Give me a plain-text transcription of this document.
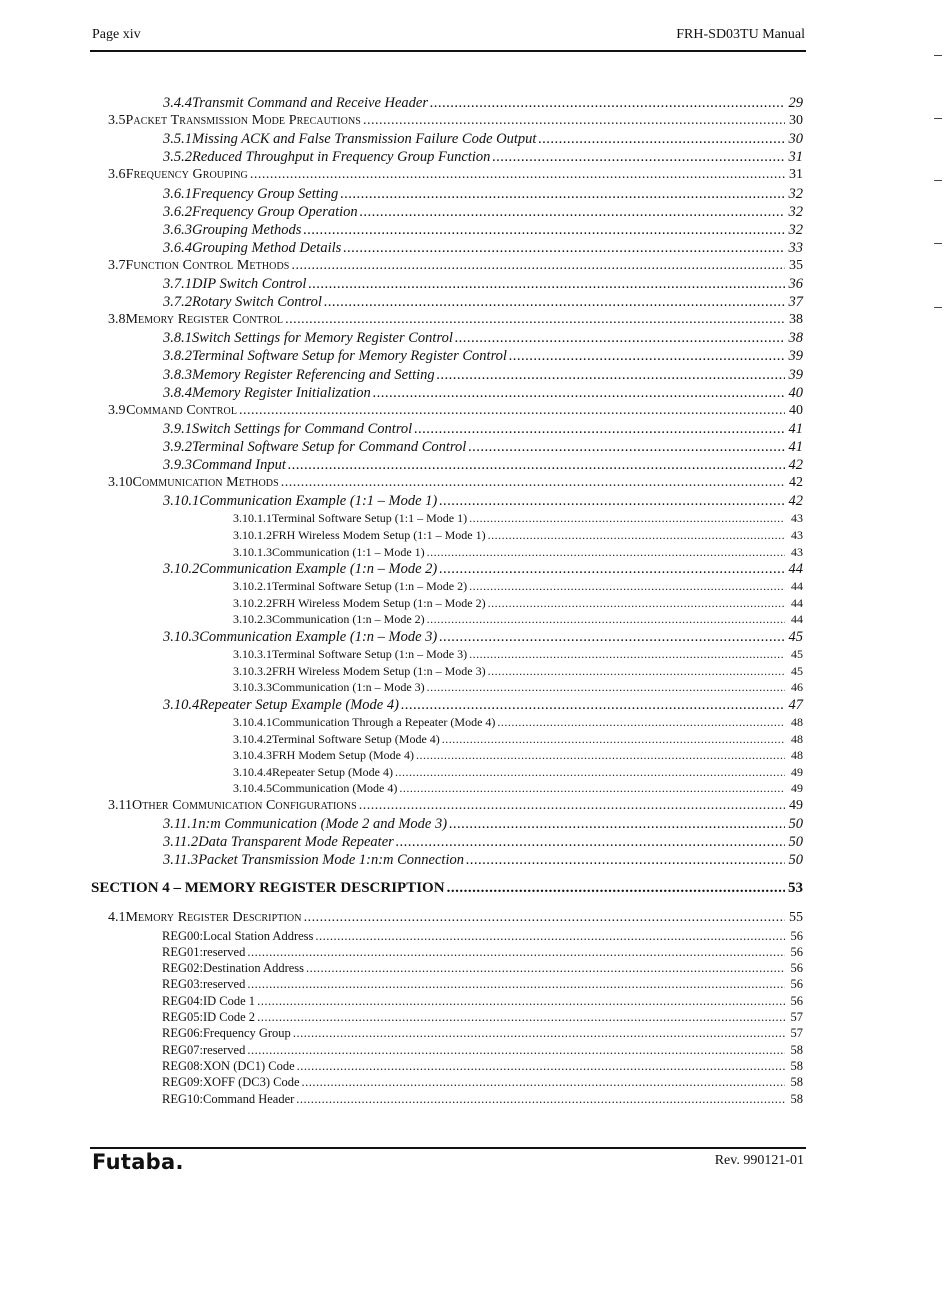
Page xiv	FRH-SD03TU Manual
3.4.4 Transmit Command and Receive Header .....	29
3.5 Packet Transmission Mode Precautions .....	30
3.5.1 Missing ACK and False Transmission Failure Code Output .....	30
3.5.2 Reduced Throughput in Frequency Group Function .....	31
3.6 Frequency Grouping .....	31
3.6.1 Frequency Group Setting .....	32
3.6.2 Frequency Group Operation .....	32
3.6.3 Grouping Methods .....	32
3.6.4 Grouping Method Details .....	33
3.7 Function Control Methods .....	35
3.7.1 DIP Switch Control .....	36
3.7.2 Rotary Switch Control .....	37
3.8 Memory Register Control .....	38
3.8.1 Switch Settings for Memory Register Control .....	38
3.8.2 Terminal Software Setup for Memory Register Control .....	39
3.8.3 Memory Register Referencing and Setting .....	39
3.8.4 Memory Register Initialization .....	40
3.9 Command Control .....	40
3.9.1 Switch Settings for Command Control .....	41
3.9.2 Terminal Software Setup for Command Control .....	41
3.9.3 Command Input .....	42
3.10 Communication Methods .....	42
3.10.1 Communication Example (1:1 – Mode 1) .....	42
3.10.1.1 Terminal Software Setup (1:1 – Mode 1) .....	43
3.10.1.2 FRH Wireless Modem Setup (1:1 – Mode 1) .....	43
3.10.1.3 Communication (1:1 – Mode 1) .....	43
3.10.2 Communication Example (1:n – Mode 2) .....	44
3.10.2.1 Terminal Software Setup (1:n – Mode 2) .....	44
3.10.2.2 FRH Wireless Modem Setup (1:n – Mode 2) .....	44
3.10.2.3 Communication (1:n – Mode 2) .....	44
3.10.3 Communication Example (1:n – Mode 3) .....	45
3.10.3.1 Terminal Software Setup (1:n – Mode 3) .....	45
3.10.3.2 FRH Wireless Modem Setup (1:n – Mode 3) .....	45
3.10.3.3 Communication (1:n – Mode 3) .....	46
3.10.4 Repeater Setup Example (Mode 4) .....	47
3.10.4.1 Communication Through a Repeater (Mode 4) .....	48
3.10.4.2 Terminal Software Setup (Mode 4) .....	48
3.10.4.3 FRH Modem Setup (Mode 4) .....	48
3.10.4.4 Repeater Setup (Mode 4) .....	49
3.10.4.5 Communication (Mode 4) .....	49
3.11 Other Communication Configurations .....	49
3.11.1 n:m Communication (Mode 2 and Mode 3) .....	50
3.11.2 Data Transparent Mode Repeater .....	50
3.11.3 Packet Transmission Mode 1:n:m Connection .....	50
SECTION 4 – MEMORY REGISTER DESCRIPTION .....	53
4.1 Memory Register Description .....	55
REG00: Local Station Address .....	56
REG01: reserved .....	56
REG02: Destination Address .....	56
REG03: reserved .....	56
REG04: ID Code 1 .....	56
REG05: ID Code 2 .....	57
REG06: Frequency Group .....	57
REG07: reserved .....	58
REG08: XON (DC1) Code .....	58
REG09: XOFF (DC3) Code .....	58
REG10: Command Header .....	58
Futaba.	Rev. 990121-01
